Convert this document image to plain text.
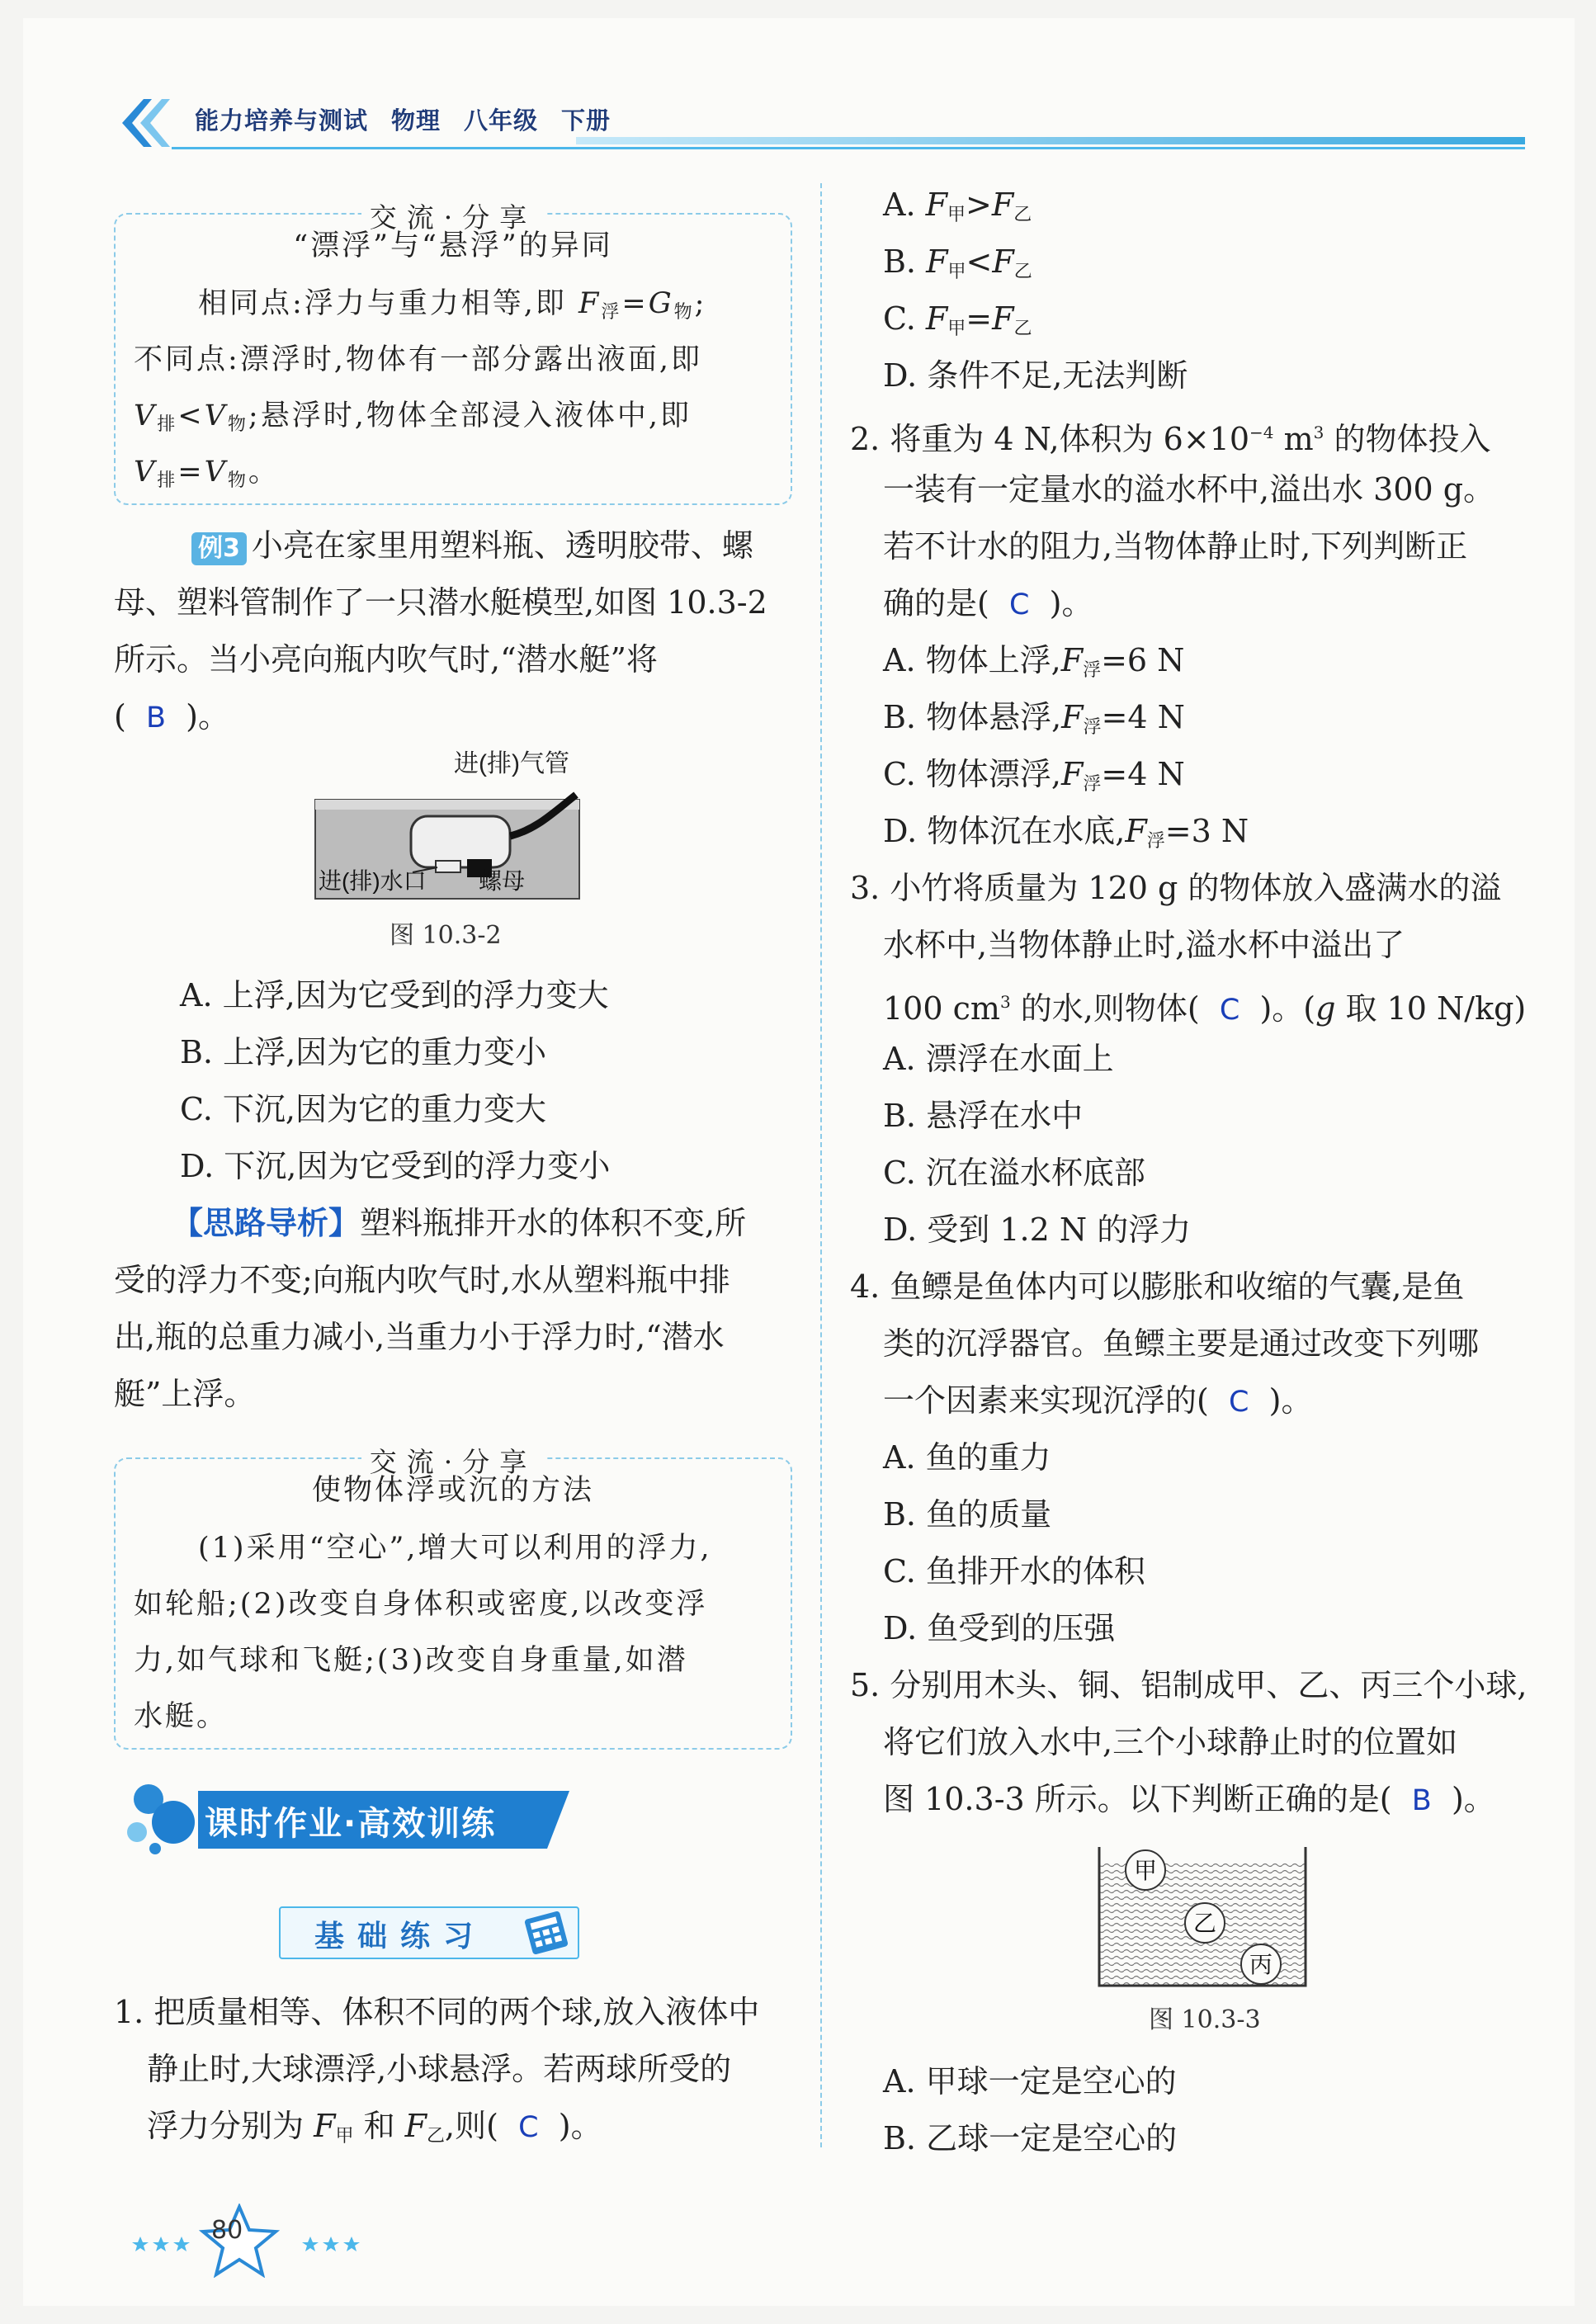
能力培养与测试 物理 八年级 下册
交流·分享
“漂浮”与“悬浮”的异同
相同点:浮力与重力相等,即 $F_浮=G_物$;
不同点:漂浮时,物体有一部分露出液面,即
$V_排<V_物$;悬浮时,物体全部浸入液体中,即
$V_排=V_物$。
例3 小亮在家里用塑料瓶、透明胶带、螺
母、塑料管制作了一只潜水艇模型,如图 10.3-2
所示。当小亮向瓶内吹气时,“潜水艇”将
(  B  )。
进(排)气管
进(排)水口 螺母
图 10.3-2
A. 上浮,因为它受到的浮力变大
B. 上浮,因为它的重力变小
C. 下沉,因为它的重力变大
D. 下沉,因为它受到的浮力变小
【思路导析】塑料瓶排开水的体积不变,所
受的浮力不变;向瓶内吹气时,水从塑料瓶中排
出,瓶的总重力减小,当重力小于浮力时,“潜水
艇”上浮。
交流·分享
使物体浮或沉的方法
(1)采用“空心”,增大可以利用的浮力,
如轮船;(2)改变自身体积或密度,以改变浮
力,如气球和飞艇;(3)改变自身重量,如潜
水艇。
课时作业·高效训练
基础练习
1. 把质量相等、体积不同的两个球,放入液体中
静止时,大球漂浮,小球悬浮。若两球所受的
浮力分别为 $F_甲$ 和 $F_乙$,则( C )。
A. $F_甲>F_乙$
B. $F_甲<F_乙$
C. $F_甲=F_乙$
D. 条件不足,无法判断
2. 将重为 4 N,体积为 $6\times 10^{-4}$ $m^3$ 的物体投入
一装有一定量水的溢水杯中,溢出水 300 g。
若不计水的阻力,当物体静止时,下列判断正
确的是( C )。
A. 物体上浮$,F_浮=6$ N
B. 物体悬浮$,F_浮=4$ N
C. 物体漂浮$,F_浮=4$ N
D. 物体沉在水底$,F_浮=3$ N
3. 小竹将质量为 120 g 的物体放入盛满水的溢
水杯中,当物体静止时,溢水杯中溢出了
100 $cm^3$ 的水,则物体( C )。(g 取 10 N/kg)
A. 漂浮在水面上
B. 悬浮在水中
C. 沉在溢水杯底部
D. 受到 1.2 N 的浮力
4. 鱼鳔是鱼体内可以膨胀和收缩的气囊,是鱼
类的沉浮器官。鱼鳔主要是通过改变下列哪
一个因素来实现沉浮的( C )。
A. 鱼的重力
B. 鱼的质量
C. 鱼排开水的体积
D. 鱼受到的压强
5. 分别用木头、铜、铝制成甲、乙、丙三个小球,
将它们放入水中,三个小球静止时的位置如
图 10.3-3 所示。以下判断正确的是( B )。
甲
乙
丙
图 10.3-3
A. 甲球一定是空心的
B. 乙球一定是空心的
80
